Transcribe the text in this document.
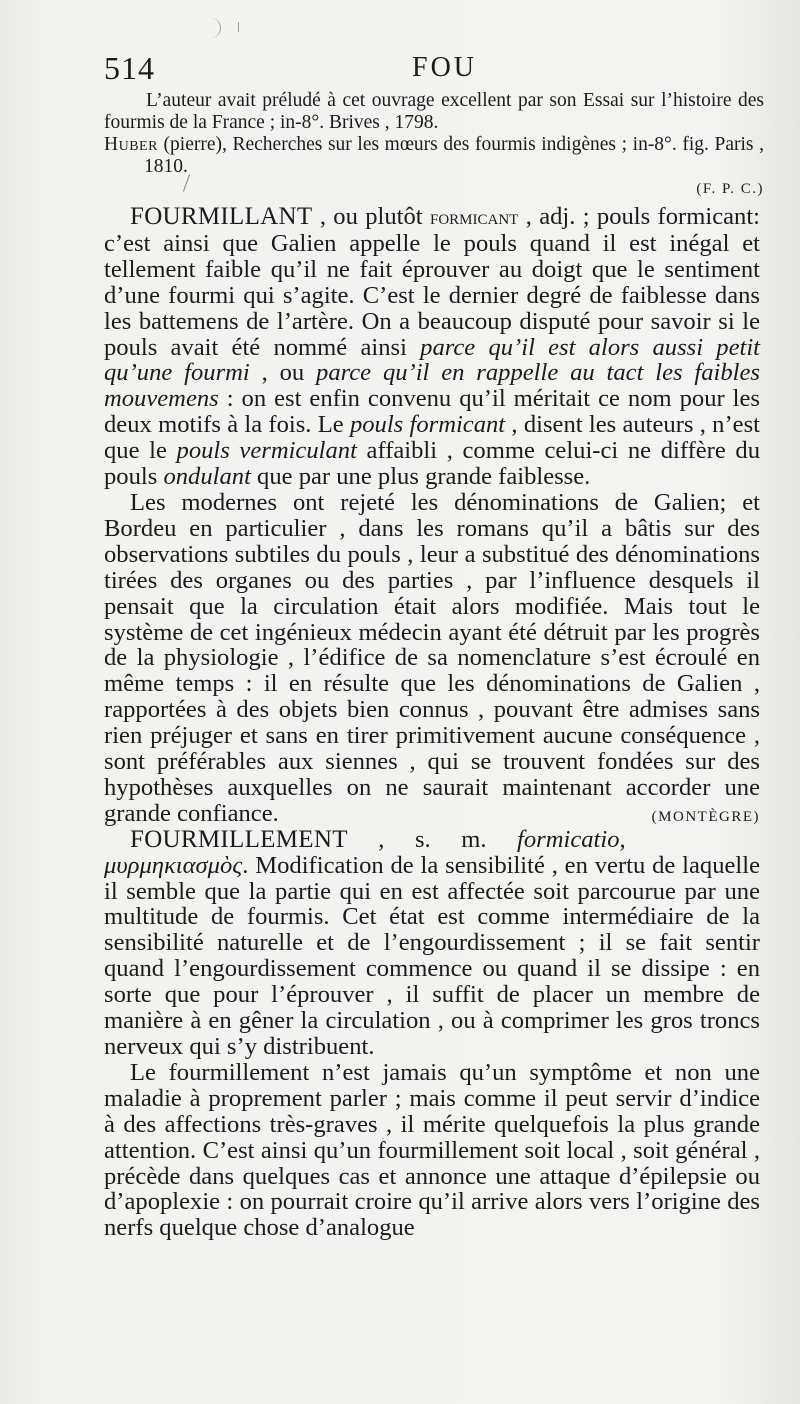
514	FOU

L’auteur avait préludé à cet ouvrage excellent par son Essai sur l’histoire des fourmis de la France ; in-8°. Brives , 1798.

Huber (pierre), Recherches sur les mœurs des fourmis indigènes ; in-8°. fig. Paris , 1810.

(F. P. C.)

FOURMILLANT , ou plutôt formicant , adj. ; pouls formicant: c’est ainsi que Galien appelle le pouls quand il est inégal et tellement faible qu’il ne fait éprouver au doigt que le sentiment d’une fourmi qui s’agite. C’est le dernier degré de faiblesse dans les battemens de l’artère. On a beaucoup disputé pour savoir si le pouls avait été nommé ainsi parce qu’il est alors aussi petit qu’une fourmi , ou parce qu’il en rappelle au tact les faibles mouvemens : on est enfin convenu qu’il méritait ce nom pour les deux motifs à la fois. Le pouls formicant , disent les auteurs , n’est que le pouls vermiculant affaibli , comme celui-ci ne diffère du pouls ondulant que par une plus grande faiblesse.

Les modernes ont rejeté les dénominations de Galien; et Bordeu en particulier , dans les romans qu’il a bâtis sur des observations subtiles du pouls , leur a substitué des dénominations tirées des organes ou des parties , par l’influence desquels il pensait que la circulation était alors modifiée. Mais tout le système de cet ingénieux médecin ayant été détruit par les progrès de la physiologie , l’édifice de sa nomenclature s’est écroulé en même temps : il en résulte que les dénominations de Galien , rapportées à des objets bien connus , pouvant être admises sans rien préjuger et sans en tirer primitivement aucune conséquence , sont préférables aux siennes , qui se trouvent fondées sur des hypothèses auxquelles on ne saurait maintenant accorder une grande confiance.	(MONTÈGRE)

FOURMILLEMENT , s. m. formicatio, μυρμηκιασμὸς. Modification de la sensibilité , en vertu de laquelle il semble que la partie qui en est affectée soit parcourue par une multitude de fourmis. Cet état est comme intermédiaire de la sensibilité naturelle et de l’engourdissement ; il se fait sentir quand l’engourdissement commence ou quand il se dissipe : en sorte que pour l’éprouver , il suffit de placer un membre de manière à en gêner la circulation , ou à comprimer les gros troncs nerveux qui s’y distribuent.

Le fourmillement n’est jamais qu’un symptôme et non une maladie à proprement parler ; mais comme il peut servir d’indice à des affections très-graves , il mérite quelquefois la plus grande attention. C’est ainsi qu’un fourmillement soit local , soit général , précède dans quelques cas et annonce une attaque d’épilepsie ou d’apoplexie : on pourrait croire qu’il arrive alors vers l’origine des nerfs quelque chose d’analogue
